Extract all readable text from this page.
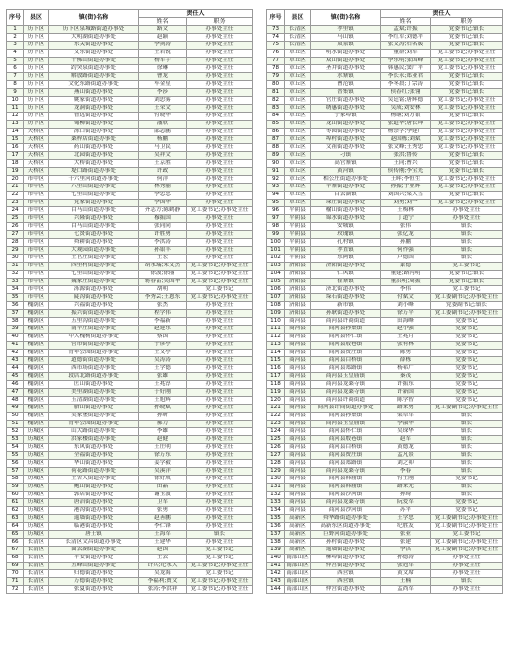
序号	县区	镇(街)名称	责任人	
			姓名	职务
1	历下区	历下区泉城路街道办事处	路文	办事处主任
2	历下区	大明湖街道办事处	赵颖	办事处主任
3	历下区	东关街道办事处	李剑涛	办事处主任
4	历下区	文东街道办事处	王若锐	办事处主任
5	历下区	千佛山街道办事处	杨军宇	办事处主任
6	历下区	趵突泉街道办事处	徐琳	办事处主任
7	历下区	解放路街道办事处	曹龙	办事处主任
8	历下区	文化东路街道办事处	车金星	办事处主任
9	历下区	燕山街道办事处	李莎	办事处主任
10	历下区	姚家街道办事处	刘思雾	办事处主任
11	历下区	龙洞街道办事处	王荣文	办事处主任
12	历下区	智远街道办事处	付晓华	办事处主任
13	历下区	甸柳街道办事处	潘欣	办事处主任
14	天桥区	泺口街道办事处	邵志鹏	办事处主任
15	天桥区	桑梓店街道办事处	杨鹏	办事处主任
16	天桥区	药山街道办事处	马卫民	办事处主任
17	天桥区	北园街道办事处	吴祥文	办事处主任
18	天桥区	大桥街道办事处	王京胜	办事处主任
19	天桥区	堤口路街道办事处	许政	办事处主任
20	市中区	十六里河街道办事处	何洋	办事处主任
21	市中区	六里山街道办事处	林秀丽	办事处主任
22	市中区	七里山街道办事处	李忠忠	办事处主任
23	市中区	党家街道办事处	李国华	办事处主任
24	市中区	白马山街道办事处	齐志方;陈鹤静	党工委书记;办事处主任
25	市中区	兴隆街道办事处	穆振国	办事处主任
26	市中区	白马山街道办事处	张同同	办事处主任
27	市中区	七贤街道办事处	许胜勇	办事处主任
28	市中区	舜耕街道办事处	李洪涛	办事处主任
29	市中区	大观园街道办事处	孙银丰	办事处主任
30	市中区	王官庄街道办事处	王宏	办事处主任
31	市中区	四里村街道办事处	胡永瑞;朱文杰	党工委书记;办事处主任
32	市中区	七里山街道办事处	徐波;徐丽	党工委书记;办事处主任
33	市中区	魏家庄街道办事处	蒋春雷;吴国华	党工委书记;办事处主任
34	市中区	泺源街道办事处	胡明	党工委书记
35	市中区	陡沟街道办事处	李秀芸;王恩东	党工委书记;办事处主任
36	槐荫区	兴福街道办事处	张杰	办事处主任
37	槐荫区	振兴街街道办事处	程学伟	办事处主任
38	槐荫区	五里沟街道办事处	李福新	办事处主任
39	槐荫区	南辛庄街道办事处	赵建东	办事处主任
40	槐荫区	中大槐树街道办事处	蔡国	办事处主任
41	槐荫区	营市街街道办事处	于彦亭	办事处主任
42	槐荫区	青年公园街道办事处	王文亭	办事处主任
43	槐荫区	道德街街道办事处	吴涛涛	办事处主任
44	槐荫区	西市场街道办事处	王学德	办事处主任
45	槐荫区	段店北路街道办事处	张雄	办事处主任
46	槐荫区	匡山街道办事处	王兆淳	办事处主任
47	槐荫区	美里湖街道办事处	于好刚	办事处主任
48	槐荫区	玉清湖街道办事处	王旭辉	办事处主任
49	槐荫区	腊山街道办事处	孙晓斌	办事处主任
50	槐荫区	吴家堡街道办事处	孙昕	办事处主任
51	槐荫区	青年公园街道办事处	郝力	办事处主任
52	历城区	山大路街道办事处	李雄	办事处主任
53	历城区	洪家楼街道办事处	赵健	办事处主任
54	历城区	东风街道办事处	王庄明	办事处主任
55	历城区	全福街道办事处	徐万东	办事处主任
56	历城区	华山街道办事处	姜学毅	办事处主任
57	历城区	荷花路街道办事处	吴溪洋	办事处主任
58	历城区	王舍人街道办事处	徐好成	办事处主任
59	历城区	鲍山街道办事处	田晶	办事处主任
60	历城区	郭店街道办事处	谢玉波	办事处主任
61	历城区	唐冶街道办事处	卫军	办事处主任
62	历城区	港沟街道办事处	张勇	办事处主任
63	历城区	遥墙街道办事处	赵善鹏	办事处主任
64	历城区	临港街道办事处	李仁锋	办事处主任
65	历城区	唐王镇	王海军	镇长
66	长清区	长清区文昌街道办事处	王建华	办事处主任
67	长清区	崮云湖街道办事处	赵国	党工委书记
68	长清区	平安街道办事处	王云	党工委书记
69	长清区	五峰山街道办事处	许兵;纪永大	党工委书记;办事处主任
70	长清区	归德街道办事处	吴龙海	党工委书记
71	长清区	万德街道办事处	李福利;贾文	党工委书记;办事处主任
72	长清区	张夏街道办事处	张涛;李洪祥	党工委书记;办事处主任
序号	县区	镇(街)名称	责任人	
			姓名	职务
73	长清区	孝里镇	孟斌;许振	党委书记;镇长
74	长清区	马山镇	李红军;刘德平	党委书记;镇长
75	长清区	双泉镇	张文涛;石名媛	党委书记;镇长
76	章丘区	明水街道办事处	董群;刘军	党工委书记;办事处主任
77	章丘区	双山街道办事处	李东明;张国峰	党工委书记;办事处主任
78	章丘区	圣井街道办事处	韩惠民;窦广平	党工委书记;办事处主任
79	章丘区	水寨镇	李长永;郑亚君	党委书记;镇长
80	章丘区	曹范镇	李冬晨;丁宗涛	党委书记;镇长
81	章丘区	普集镇	侯春红;张翎	党委书记;镇长
82	章丘区	官庄街道办事处	吴廷铭;唐辉德	党工委书记;办事处主任
83	章丘区	绣惠街道办事处	吴成;刘安林	党工委书记;办事处主任
84	章丘区	宁家埠镇	杨继;刘万银	党委书记;镇长
85	章丘区	龙山街道办事处	张道华;唐长坤	党工委书记;办事处主任
86	章丘区	枣园街道办事处	杨崇学;李建广	党工委书记;办事处主任
87	章丘区	埠村街道办事处	赵国栋;刘斌	党工委书记;办事处主任
88	章丘区	文祖街道办事处	张文峰;王秀忠	党工委书记;办事处主任
89	章丘区	刁镇	张洪;鲁传	党委书记;镇长
90	章丘区	高官寨镇	王同;曹兴	党委书记;镇长
91	章丘区	黄河镇	侯传刚;李宝光	党委书记;镇长
92	章丘区	相公庄街道办事处	王晖;李恒生	党工委书记;办事处主任
93	章丘区	辛寨街道办事处	孙振;于业辉	党工委书记;办事处主任
94	章丘区	白云湖镇	刘国兴;梁大雪	党委书记;镇长
95	章丘区	垛庄街道办事处	刘勇;刘一	党工委书记;办事处主任
96	平阴县	榆山街道办事处	王梅林	办事处主任
97	平阴县	锦水街道办事处	丁道宁	办事处主任
98	平阴县	安城镇	张伟	镇长
99	平阴县	玫瑰镇	张亿龙	镇长
100	平阴县	孔村镇	孙鹏	镇长
101	平阴县	孝直镇	何作强	镇长
102	平阴县	东阿镇	卢德国	镇长
103	济阳县	济阳街道办事处	蒙德	党工委书记
104	济阳县	仁风镇	董建;路丙明	党委书记;镇长
105	济阳县	崔寨镇	董洪明;周振	党委书记;镇长
106	济阳县	济北街道办事处	李伟	党工委书记
107	济阳县	垛石街道办事处	付斌文	党工委副书记;办事处主任
108	济阳县	新市镇	刘小峰	党委副书记;镇长
109	济阳县	孙耿街道办事处	徐万平	党工委副书记;办事处主任
110	商河县	商河县许商街道	田海峰	党委书记
111	商河县	商河县孙集镇	赵小强	党委书记
112	商河县	商河县怀仁镇	王兆月	党委书记
113	商河县	商河县殷巷镇	张有林	党委书记
114	商河县	商河县贾庄镇	陈勇	党委书记
115	商河县	商河县白桥镇	薛栋	党委书记
116	商河县	商河县郑路镇	杨希广	党委书记
117	商河县	商河县玉皇庙镇	秦茂	党委书记
118	商河县	商河县龙桑寺镇	许振东	党委书记
119	商河县	商河县龙桑寺镇	许新国	党委书记
120	商河县	商河县许商街道	陈学智	党委书记
121	商河县	商河县许商街道办事处	路来勇	党工委副书记;办事处主任
122	商河县	商河县孙集镇	梁卓军	镇长
123	商河县	商河县玉皇庙镇	李淑华	镇长
124	商河县	商河县怀仁镇	吴琛华	镇长
125	商河县	商河县殷巷镇	赵军	镇长
126	商河县	商河县白桥镇	黄德龙	镇长
127	商河县	商河县贾庄镇	孟凡景	镇长
128	商河县	商河县郑路镇	刘之卯	镇长
129	商河县	商河县龙桑寺镇	李春	镇长
130	商河县	商河县韩庙镇	付士刚	党委书记
131	商河县	商河县韩庙镇	路来光	镇长
132	商河县	商河县沙河镇	孙琦	镇长
133	商河县	商河县龙桑寺镇	阮爱军	党委书记
134	商河县	商河县沙河镇	苏平	党委书记
135	高新区	舜华路街道办事处	王学忠	党工委副书记;办事处主任
136	高新区	高新东区街道办事处	纪胜友	党工委副书记;办事处主任
137	高新区	巨野河街道办事处	张亚	党工委书记
138	高新区	孙村街道办事处	张建	党工委副书记;办事处主任
139	高新区	遥墙街道办事处	李洪	党工委副书记;办事处主任
140	南部山区	柳埠街道办事处	孙德涛	办事处主任
141	南部山区	仲宫街道办事处	张冠军	办事处主任
142	南部山区	西营镇	黄文席	办事处主任
143	南部山区	西营镇	王楠	镇长
144	南部山区	仲宫街道办事处	孟尚军	办事处主任
